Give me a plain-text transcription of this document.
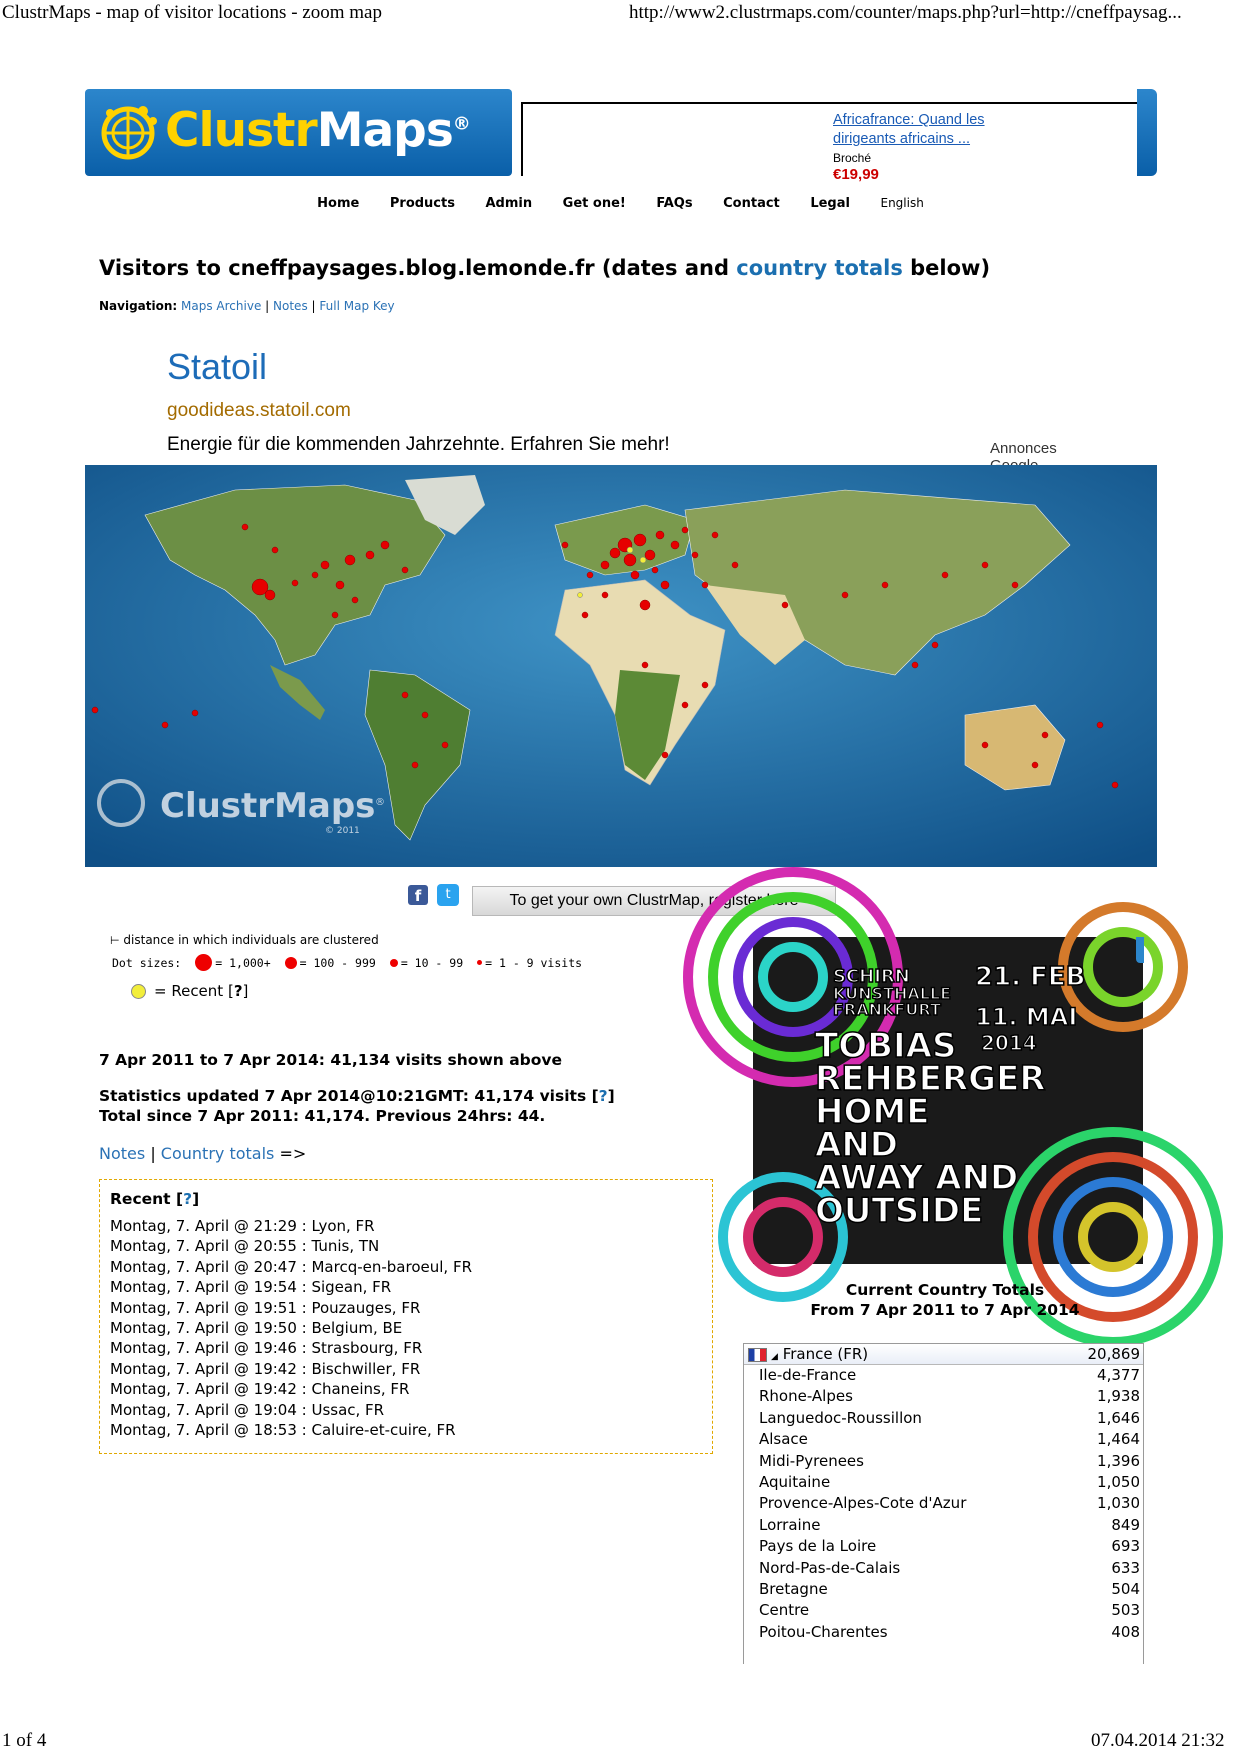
ClustrMaps - map of visitor locations - zoom map	http://www2.clustrmaps.com/counter/maps.php?url=http://cneffpaysag...
1 of 4	07.04.2014 21:32
ClustrMaps®	Africafrance: Quand les
dirigeants africains ...
Broché
€19,99
Home Products Admin Get one! FAQs Contact Legal	English
Visitors to cneffpaysages.blog.lemonde.fr (dates and country totals below)
Navigation: Maps Archive | Notes | Full Map Key
Statoil
goodideas.statoil.com
Energie für die kommenden Jahrzehnte. Erfahren Sie mehr!	Annonces
ClustrMaps ®
© 2011
f	t	To get your own ClustrMap, register here
⊢ distance in which individuals are clustered
Dot sizes:	= 1,000+	= 100 - 999 = 10 - 99 = 1 - 9 visits
= Recent [ ? ]
7 Apr 2011 to 7 Apr 2014: 41,134 visits shown above
Statistics updated 7 Apr 2014@10:21GMT: 41,174 visits [?]
Total since 7 Apr 2011: 41,174. Previous 24hrs: 44.
Notes | Country totals =>
Recent [?]
Montag, 7. April @ 21:29 : Lyon, FR
Montag, 7. April @ 20:55 : Tunis, TN
Montag, 7. April @ 20:47 : Marcq-en-baroeul, FR
Montag, 7. April @ 19:54 : Sigean, FR
Montag, 7. April @ 19:51 : Pouzauges, FR
Montag, 7. April @ 19:50 : Belgium, BE
Montag, 7. April @ 19:46 : Strasbourg, FR
Montag, 7. April @ 19:42 : Bischwiller, FR
Montag, 7. April @ 19:42 : Chaneins, FR
Montag, 7. April @ 19:04 : Ussac, FR
Montag, 7. April @ 18:53 : Caluire-et-cuire, FR
SCHIRN
KUNSTHALLE
FRANKFURT
21. FEB
11. MAI
2014
TOBIAS
REHBERGER
HOME
AND
AWAY AND
OUTSIDE
Current Country Totals
From 7 Apr 2011 to 7 Apr 2014
◢ France (FR)	20,869
Ile-de-France	4,377
Rhone-Alpes	1,938
Languedoc-Roussillon	1,646
Alsace	1,464
Midi-Pyrenees	1,396
Aquitaine	1,050
Provence-Alpes-Cote d'Azur	1,030
Lorraine	849
Pays de la Loire	693
Nord-Pas-de-Calais	633
Bretagne	504
Centre	503
Poitou-Charentes	408
